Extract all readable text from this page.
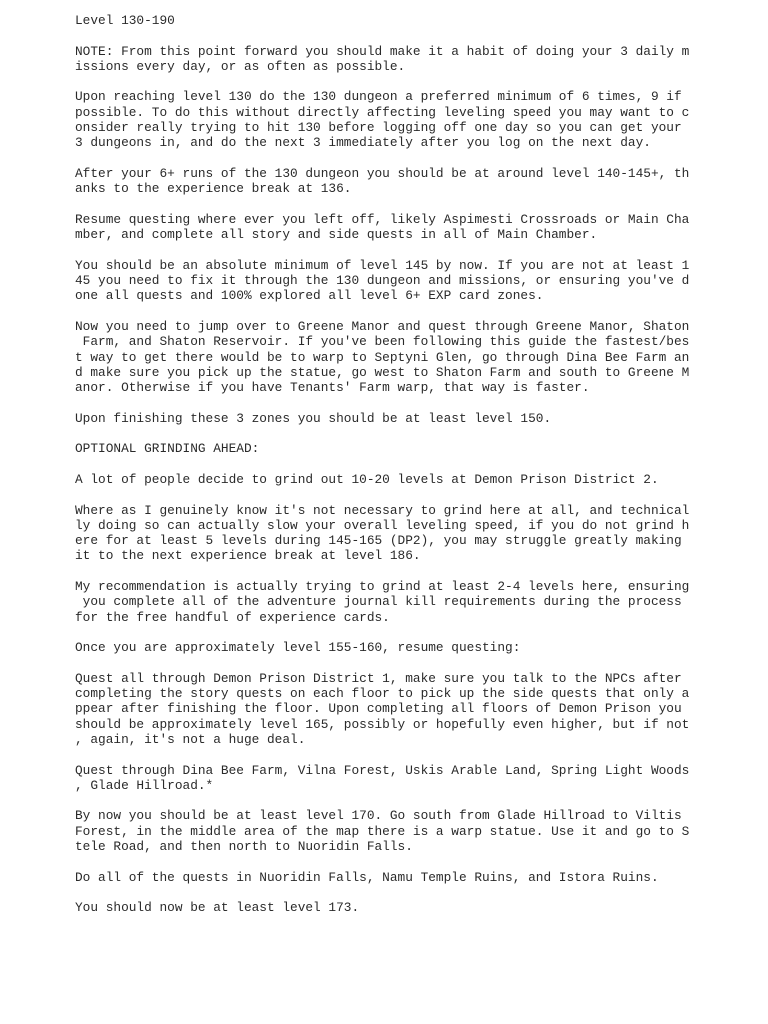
Level 130-190
NOTE: From this point forward you should make it a habit of doing your 3 daily m
issions every day, or as often as possible.
Upon reaching level 130 do the 130 dungeon a preferred minimum of 6 times, 9 if
possible. To do this without directly affecting leveling speed you may want to c
onsider really trying to hit 130 before logging off one day so you can get your
3 dungeons in, and do the next 3 immediately after you log on the next day.
After your 6+ runs of the 130 dungeon you should be at around level 140-145+, th
anks to the experience break at 136.
Resume questing where ever you left off, likely Aspimesti Crossroads or Main Cha
mber, and complete all story and side quests in all of Main Chamber.
You should be an absolute minimum of level 145 by now. If you are not at least 1
45 you need to fix it through the 130 dungeon and missions, or ensuring you've d
one all quests and 100% explored all level 6+ EXP card zones.
Now you need to jump over to Greene Manor and quest through Greene Manor, Shaton
Farm, and Shaton Reservoir. If you've been following this guide the fastest/bes
t way to get there would be to warp to Septyni Glen, go through Dina Bee Farm an
d make sure you pick up the statue, go west to Shaton Farm and south to Greene M
anor. Otherwise if you have Tenants' Farm warp, that way is faster.
Upon finishing these 3 zones you should be at least level 150.
OPTIONAL GRINDING AHEAD:
A lot of people decide to grind out 10-20 levels at Demon Prison District 2.
Where as I genuinely know it's not necessary to grind here at all, and technical
ly doing so can actually slow your overall leveling speed, if you do not grind h
ere for at least 5 levels during 145-165 (DP2), you may struggle greatly making
it to the next experience break at level 186.
My recommendation is actually trying to grind at least 2-4 levels here, ensuring
you complete all of the adventure journal kill requirements during the process
for the free handful of experience cards.
Once you are approximately level 155-160, resume questing:
Quest all through Demon Prison District 1, make sure you talk to the NPCs after
completing the story quests on each floor to pick up the side quests that only a
ppear after finishing the floor. Upon completing all floors of Demon Prison you
should be approximately level 165, possibly or hopefully even higher, but if not
, again, it's not a huge deal.
Quest through Dina Bee Farm, Vilna Forest, Uskis Arable Land, Spring Light Woods
, Glade Hillroad.*
By now you should be at least level 170. Go south from Glade Hillroad to Viltis
Forest, in the middle area of the map there is a warp statue. Use it and go to S
tele Road, and then north to Nuoridin Falls.
Do all of the quests in Nuoridin Falls, Namu Temple Ruins, and Istora Ruins.
You should now be at least level 173.
